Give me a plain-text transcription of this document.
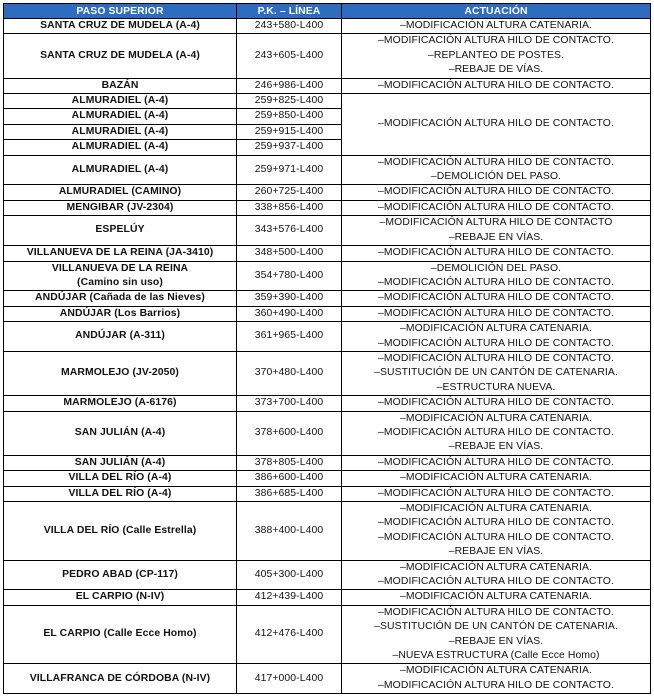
PASO SUPERIOR	P.K. – LÍNEA	ACTUACIÓN
SANTA CRUZ DE MUDELA (A-4)	243+580-L400	–MODIFICACIÓN ALTURA CATENARIA.

SANTA CRUZ DE MUDELA (A-4)	243+605-L400	–MODIFICACIÓN ALTURA HILO DE CONTACTO.
–REPLANTEO DE POSTES.
–REBAJE DE VÍAS.

BAZÁN	246+986-L400	–MODIFICACIÓN ALTURA HILO DE CONTACTO.

ALMURADIEL (A-4)	259+825-L400	–MODIFICACIÓN ALTURA HILO DE CONTACTO.

ALMURADIEL (A-4)	259+850-L400	
ALMURADIEL (A-4)	259+915-L400	
ALMURADIEL (A-4)	259+937-L400	
ALMURADIEL (A-4)	259+971-L400	–MODIFICACIÓN ALTURA HILO DE CONTACTO.
–DEMOLICIÓN DEL PASO.

ALMURADIEL (CAMINO)	260+725-L400	–MODIFICACIÓN ALTURA HILO DE CONTACTO.

MENGIBAR (JV-2304)	338+856-L400	–MODIFICACIÓN ALTURA HILO DE CONTACTO.

ESPELÚY	343+576-L400	–MODIFICACIÓN ALTURA HILO DE CONTACTO
–REBAJE EN VÍAS.

VILLANUEVA DE LA REINA (JA-3410)	348+500-L400	–MODIFICACIÓN ALTURA HILO DE CONTACTO.

VILLANUEVA DE LA REINA
(Camino sin uso)	354+780-L400	–DEMOLICIÓN DEL PASO.
–MODIFICACIÓN ALTURA HILO DE CONTACTO.

ANDÚJAR (Cañada de las Nieves)	359+390-L400	–MODIFICACIÓN ALTURA HILO DE CONTACTO.

ANDÚJAR (Los Barrios)	360+490-L400	–MODIFICACIÓN ALTURA HILO DE CONTACTO.

ANDÚJAR (A-311)	361+965-L400	–MODIFICACIÓN ALTURA CATENARIA.
–MODIFICACIÓN ALTURA HILO DE CONTACTO.

MARMOLEJO (JV-2050)	370+480-L400	–MODIFICACIÓN ALTURA HILO DE CONTACTO.
–SUSTITUCIÓN DE UN CANTÓN DE CATENARIA.
–ESTRUCTURA NUEVA.

MARMOLEJO (A-6176)	373+700-L400	–MODIFICACIÓN ALTURA HILO DE CONTACTO.

SAN JULIÁN (A-4)	378+600-L400	–MODIFICACIÓN ALTURA CATENARIA.
–MODIFICACIÓN ALTURA HILO DE CONTACTO.
–REBAJE EN VÍAS.

SAN JULIÁN (A-4)	378+805-L400	–MODIFICACIÓN ALTURA HILO DE CONTACTO.

VILLA DEL RÍO (A-4)	386+600-L400	–MODIFICACIÓN ALTURA CATENARIA.

VILLA DEL RÍO (A-4)	386+685-L400	–MODIFICACIÓN ALTURA HILO DE CONTACTO.

VILLA DEL RÍO (Calle Estrella)	388+400-L400	–MODIFICACIÓN ALTURA CATENARIA.
–MODIFICACIÓN ALTURA HILO DE CONTACTO.
–MODIFICACIÓN ALTURA HILO DE CONTACTO.
–REBAJE EN VÍAS.

PEDRO ABAD (CP-117)	405+300-L400	–MODIFICACIÓN ALTURA CATENARIA.
–MODIFICACIÓN ALTURA HILO DE CONTACTO.

EL CARPIO (N-IV)	412+439-L400	–MODIFICACIÓN ALTURA CATENARIA.

EL CARPIO (Calle Ecce Homo)	412+476-L400	–MODIFICACIÓN ALTURA HILO DE CONTACTO.
–SUSTITUCIÓN DE UN CANTÓN DE CATENARIA.
–REBAJE EN VÍAS.
–NUEVA ESTRUCTURA (Calle Ecce Homo)

VILLAFRANCA DE CÓRDOBA (N-IV)	417+000-L400	–MODIFICACIÓN ALTURA CATENARIA.
–MODIFICACIÓN ALTURA HILO DE CONTACTO.
